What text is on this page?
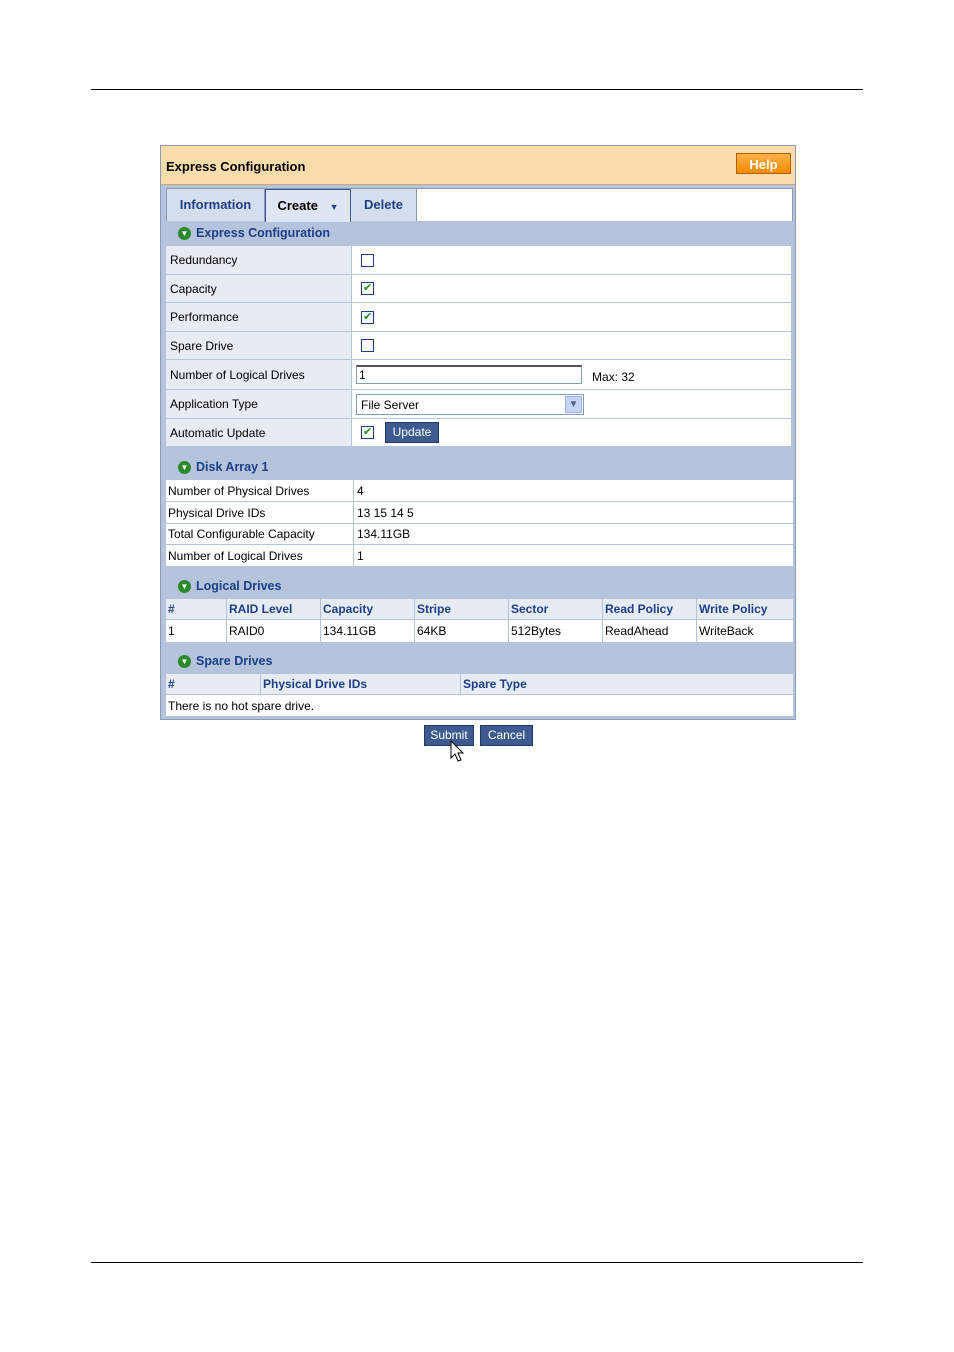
Express Configuration	Help
Information	Create ▼	Delete
▼ Express Configuration
Redundancy
Capacity
✔
Performance
✔
Spare Drive
Number of Logical Drives
1	Max: 32
Application Type	File Server	▼
Automatic Update
✔	Update
▼ Disk Array 1
Number of Physical Drives	4
Physical Drive IDs	13 15 14 5
Total Configurable Capacity	134.11GB
Number of Logical Drives	1
▼ Logical Drives
#	RAID Level	Capacity	Stripe	Sector	Read Policy	Write Policy
1	RAID0	134.11GB	64KB	512Bytes	ReadAhead	WriteBack
▼ Spare Drives
#	Physical Drive IDs	Spare Type
There is no hot spare drive.
Submit	Cancel
